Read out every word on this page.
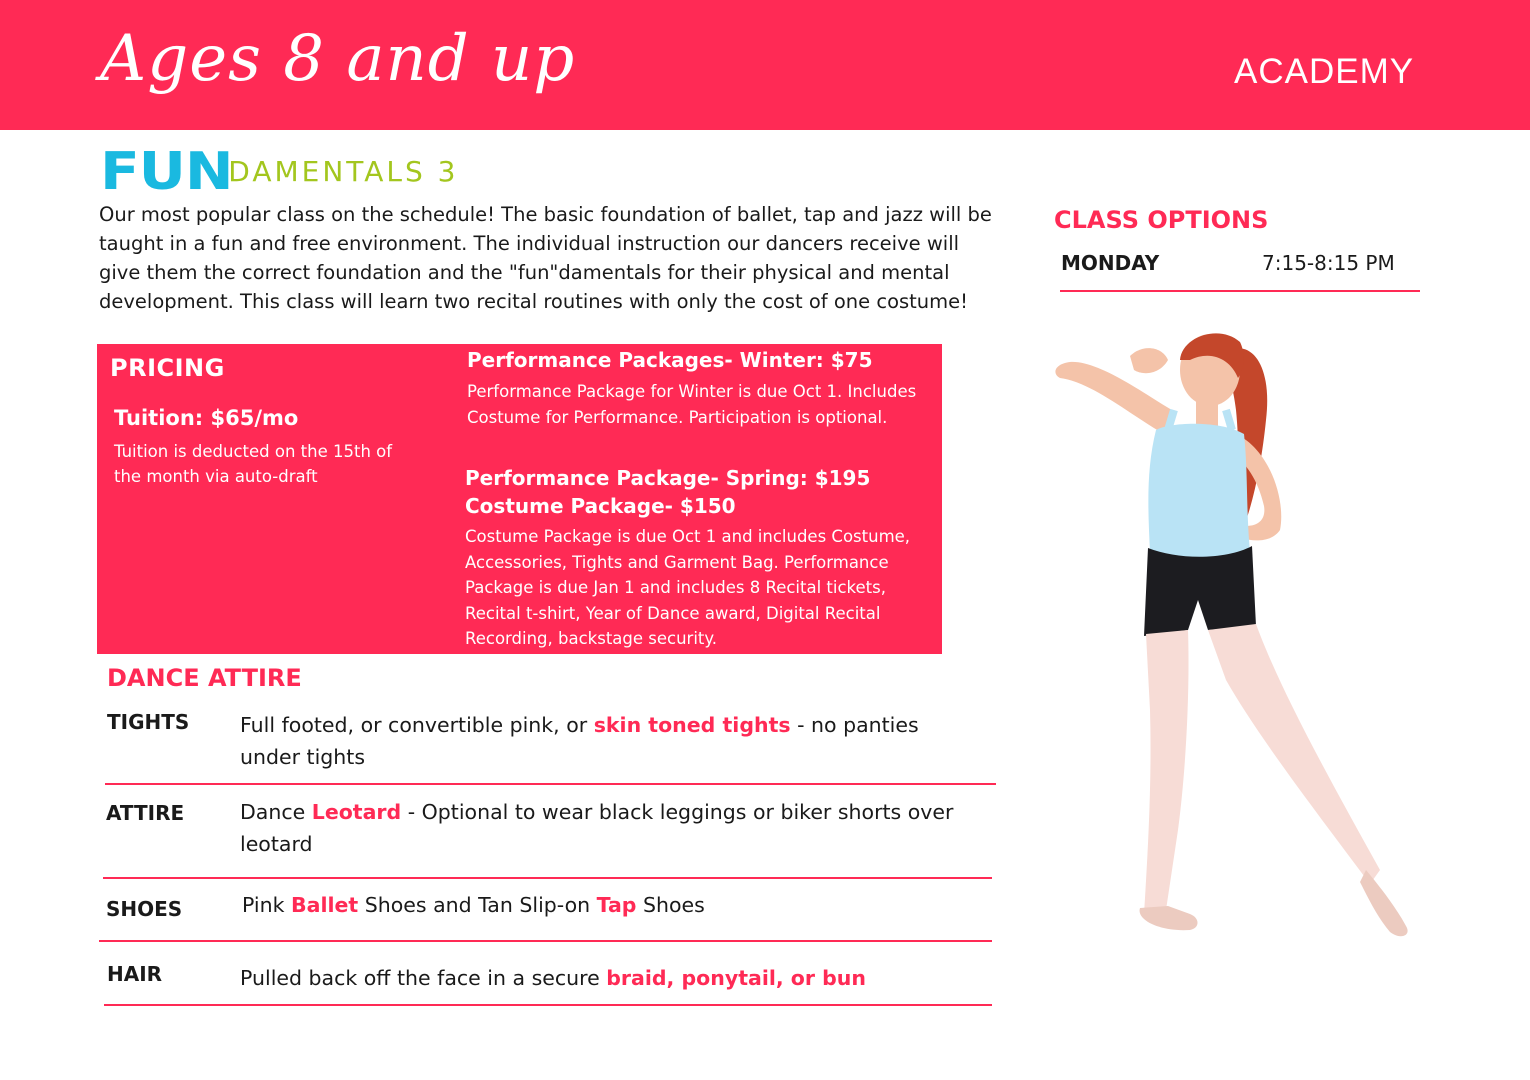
Ages 8 and up	ACADEMY
FUNDAMENTALS 3

Our most popular class on the schedule! The basic foundation of ballet, tap and jazz will be taught in a fun and free environment. The individual instruction our dancers receive will give them the correct foundation and the "fun"damentals for their physical and mental development. This class will learn two recital routines with only the cost of one costume!

PRICING
Tuition: $65/mo
Tuition is deducted on the 15th of the month via auto-draft
Performance Packages- Winter: $75
Performance Package for Winter is due Oct 1. Includes Costume for Performance. Participation is optional.
Performance Package- Spring: $195
Costume Package- $150
Costume Package is due Oct 1 and includes Costume, Accessories, Tights and Garment Bag. Performance Package is due Jan 1 and includes 8 Recital tickets, Recital t-shirt, Year of Dance award, Digital Recital Recording, backstage security.
DANCE ATTIRE
TIGHTS Full footed, or convertible pink, or skin toned tights - no panties under tights
ATTIRE	Dance Leotard - Optional to wear black leggings or biker shorts over leotard
SHOES	Pink Ballet Shoes and Tan Slip-on Tap Shoes
HAIR	Pulled back off the face in a secure braid, ponytail, or bun
CLASS OPTIONS
MONDAY	7:15-8:15 PM
